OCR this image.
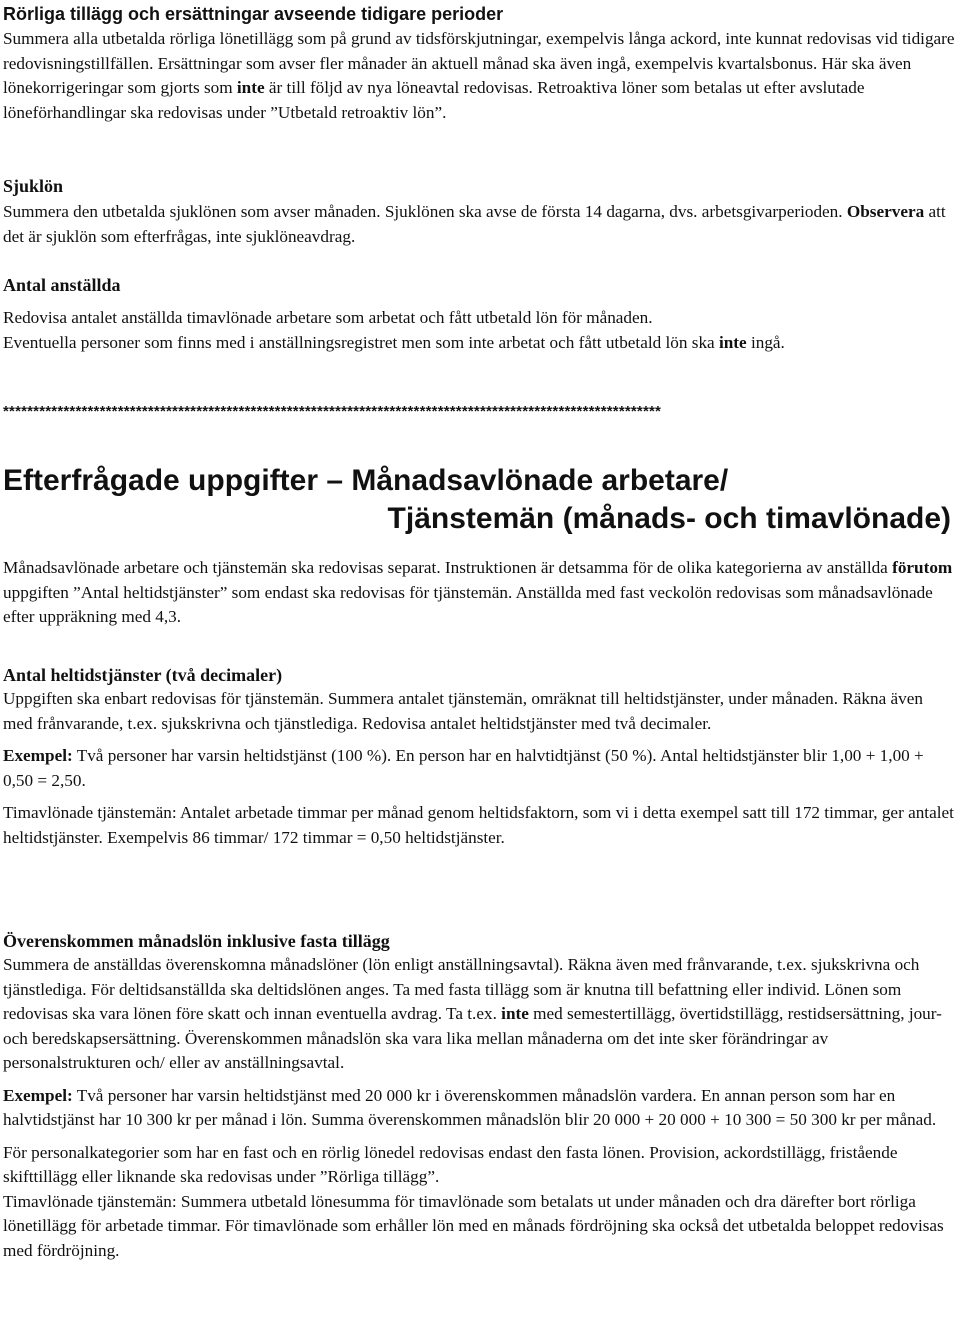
Rörliga tillägg och ersättningar avseende tidigare perioder

Summera alla utbetalda rörliga lönetillägg som på grund av tidsförskjutningar, exempelvis långa ackord, inte kunnat redovisas vid tidigare redovisningstillfällen. Ersättningar som avser fler månader än aktuell månad ska även ingå, exempelvis kvartalsbonus. Här ska även lönekorrigeringar som gjorts som inte är till följd av nya löneavtal redovisas. Retroaktiva löner som betalas ut efter avslutade löneförhandlingar ska redovisas under ”Utbetald retroaktiv lön”.

Sjuklön

Summera den utbetalda sjuklönen som avser månaden. Sjuklönen ska avse de första 14 dagarna, dvs. arbetsgivarperioden. Observera att det är sjuklön som efterfrågas, inte sjuklöneavdrag.

Antal anställda

Redovisa antalet anställda timavlönade arbetare som arbetat och fått utbetald lön för månaden.

Eventuella personer som finns med i anställningsregistret men som inte arbetat och fått utbetald lön ska inte ingå.

*************************************************************************************************************
Efterfrågade uppgifter – Månadsavlönade arbetare/
Tjänstemän (månads- och timavlönade)

Månadsavlönade arbetare och tjänstemän ska redovisas separat. Instruktionen är detsamma för de olika kategorierna av anställda förutom uppgiften ”Antal heltidstjänster” som endast ska redovisas för tjänstemän. Anställda med fast veckolön redovisas som månadsavlönade efter uppräkning med 4,3.

Antal heltidstjänster (två decimaler)

Uppgiften ska enbart redovisas för tjänstemän. Summera antalet tjänstemän, omräknat till heltidstjänster, under månaden. Räkna även med frånvarande, t.ex. sjukskrivna och tjänstlediga. Redovisa antalet heltidstjänster med två decimaler.

Exempel: Två personer har varsin heltidstjänst (100 %). En person har en halvtidtjänst (50 %). Antal heltidstjänster blir 1,00 + 1,00 + 0,50 = 2,50.

Timavlönade tjänstemän: Antalet arbetade timmar per månad genom heltidsfaktorn, som vi i detta exempel satt till 172 timmar, ger antalet heltidstjänster. Exempelvis 86 timmar/ 172 timmar = 0,50 heltidstjänster.

Överenskommen månadslön inklusive fasta tillägg

Summera de anställdas överenskomna månadslöner (lön enligt anställningsavtal). Räkna även med frånvarande, t.ex. sjukskrivna och tjänstlediga. För deltidsanställda ska deltidslönen anges. Ta med fasta tillägg som är knutna till befattning eller individ. Lönen som redovisas ska vara lönen före skatt och innan eventuella avdrag. Ta t.ex. inte med semestertillägg, övertidstillägg, restidsersättning, jour- och beredskapsersättning. Överenskommen månadslön ska vara lika mellan månaderna om det inte sker förändringar av personalstrukturen och/ eller av anställningsavtal.

Exempel: Två personer har varsin heltidstjänst med 20 000 kr i överenskommen månadslön vardera. En annan person som har en halvtidstjänst har 10 300 kr per månad i lön. Summa överenskommen månadslön blir 20 000 + 20 000 + 10 300 = 50 300 kr per månad.

För personalkategorier som har en fast och en rörlig lönedel redovisas endast den fasta lönen. Provision, ackordstillägg, fristående skifttillägg eller liknande ska redovisas under ”Rörliga tillägg”.

Timavlönade tjänstemän: Summera utbetald lönesumma för timavlönade som betalats ut under månaden och dra därefter bort rörliga lönetillägg för arbetade timmar. För timavlönade som erhåller lön med en månads fördröjning ska också det utbetalda beloppet redovisas med fördröjning.
